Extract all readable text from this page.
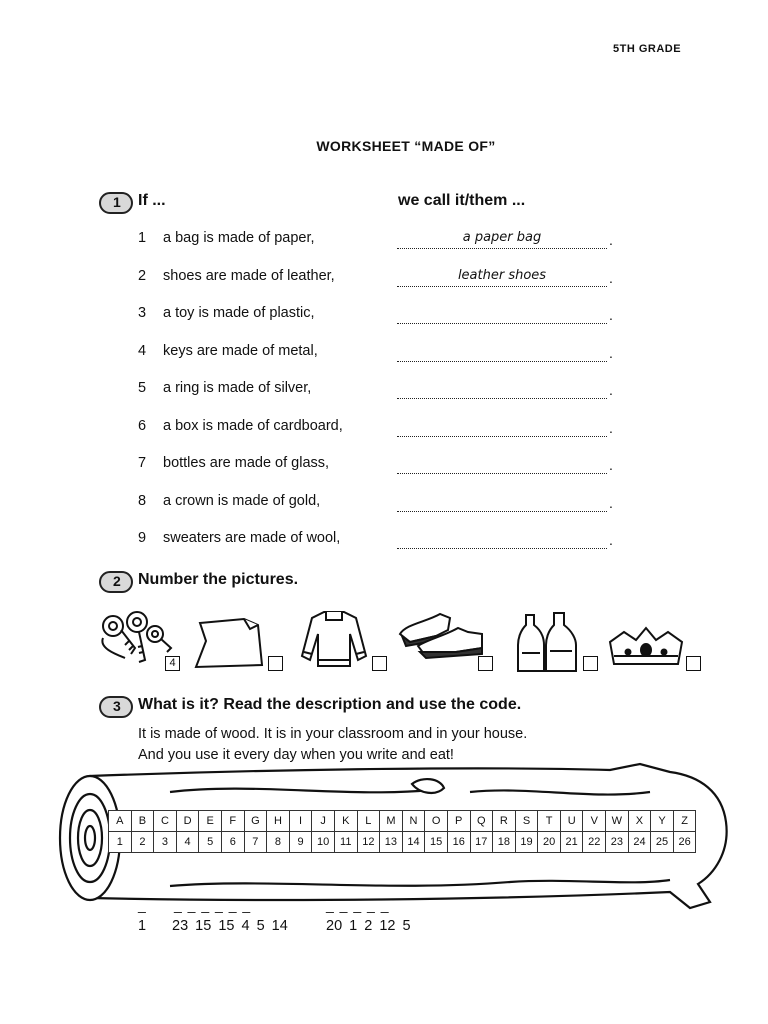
5TH GRADE
WORKSHEET “MADE OF”
1 If ...	we call it/them ...
1	a bag is made of paper,	a paper bag	.
2	shoes are made of leather,	leather shoes	.
3	a toy is made of plastic,	.
4	keys are made of metal,	.
5	a ring is made of silver,	.
6	a box is made of cardboard,	.
7	bottles are made of glass,	.
8	a crown is made of gold,	.
9	sweaters are made of wool,	.
2 Number the pictures.
4
3 What is it? Read the description and use the code.
It is made of wood. It is in your classroom and in your house.
And you use it every day when you write and eat!
A	B	C	D	E	F	G	H	I	J	K	L	M	N	O	P	Q	R	S	T	U	V	W	X	Y	Z
1	2	3	4	5	6	7	8	9	10	11	12	13	14	15	16	17	18	19	20	21	22	23	24	25	26
_ _ _ _ _ _ _	_ _ _ _ _
1 23 15 15 4 5 14	20 1 2 12 5
